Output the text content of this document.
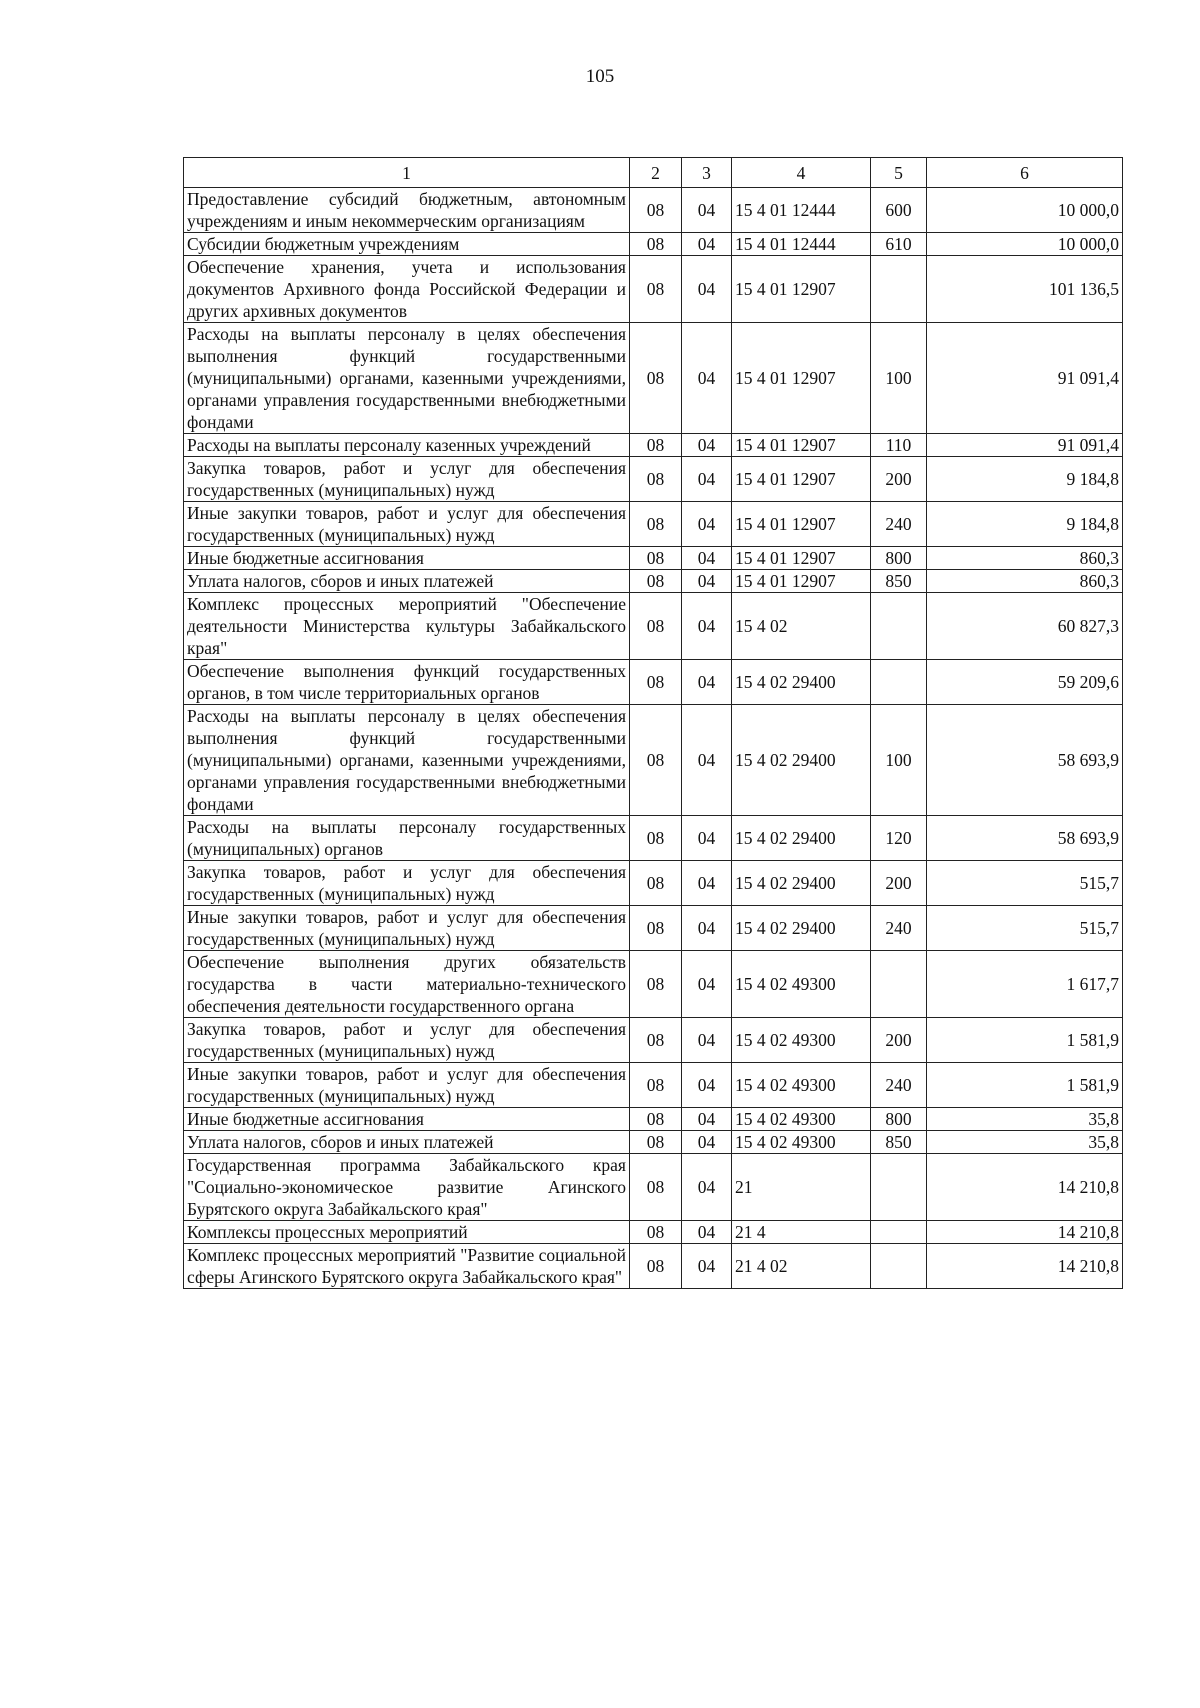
105
1	2	3	4	5	6
Предоставление субсидий бюджетным, автономным учреждениям и иным некоммерческим организациям	08	04	15 4 01 12444	600	10 000,0
Субсидии бюджетным учреждениям	08	04	15 4 01 12444	610	10 000,0
Обеспечение хранения, учета и использования документов Архивного фонда Российской Федерации и других архивных документов	08	04	15 4 01 12907		101 136,5
Расходы на выплаты персоналу в целях обеспечения выполнения функций государственными (муниципальными) органами, казенными учреждениями, органами управления государственными внебюджетными фондами	08	04	15 4 01 12907	100	91 091,4
Расходы на выплаты персоналу казенных учреждений	08	04	15 4 01 12907	110	91 091,4
Закупка товаров, работ и услуг для обеспечения государственных (муниципальных) нужд	08	04	15 4 01 12907	200	9 184,8
Иные закупки товаров, работ и услуг для обеспечения государственных (муниципальных) нужд	08	04	15 4 01 12907	240	9 184,8
Иные бюджетные ассигнования	08	04	15 4 01 12907	800	860,3
Уплата налогов, сборов и иных платежей	08	04	15 4 01 12907	850	860,3
Комплекс процессных мероприятий "Обеспечение деятельности Министерства культуры Забайкальского края"	08	04	15 4 02		60 827,3
Обеспечение выполнения функций государственных органов, в том числе территориальных органов	08	04	15 4 02 29400		59 209,6
Расходы на выплаты персоналу в целях обеспечения выполнения функций государственными (муниципальными) органами, казенными учреждениями, органами управления государственными внебюджетными фондами	08	04	15 4 02 29400	100	58 693,9
Расходы на выплаты персоналу государственных (муниципальных) органов	08	04	15 4 02 29400	120	58 693,9
Закупка товаров, работ и услуг для обеспечения государственных (муниципальных) нужд	08	04	15 4 02 29400	200	515,7
Иные закупки товаров, работ и услуг для обеспечения государственных (муниципальных) нужд	08	04	15 4 02 29400	240	515,7
Обеспечение выполнения других обязательств государства в части материально-технического обеспечения деятельности государственного органа	08	04	15 4 02 49300		1 617,7
Закупка товаров, работ и услуг для обеспечения государственных (муниципальных) нужд	08	04	15 4 02 49300	200	1 581,9
Иные закупки товаров, работ и услуг для обеспечения государственных (муниципальных) нужд	08	04	15 4 02 49300	240	1 581,9
Иные бюджетные ассигнования	08	04	15 4 02 49300	800	35,8
Уплата налогов, сборов и иных платежей	08	04	15 4 02 49300	850	35,8
Государственная программа Забайкальского края "Социально-экономическое развитие Агинского Бурятского округа Забайкальского края"	08	04	21		14 210,8
Комплексы процессных мероприятий	08	04	21 4		14 210,8
Комплекс процессных мероприятий "Развитие социальной сферы Агинского Бурятского округа Забайкальского края"	08	04	21 4 02		14 210,8
